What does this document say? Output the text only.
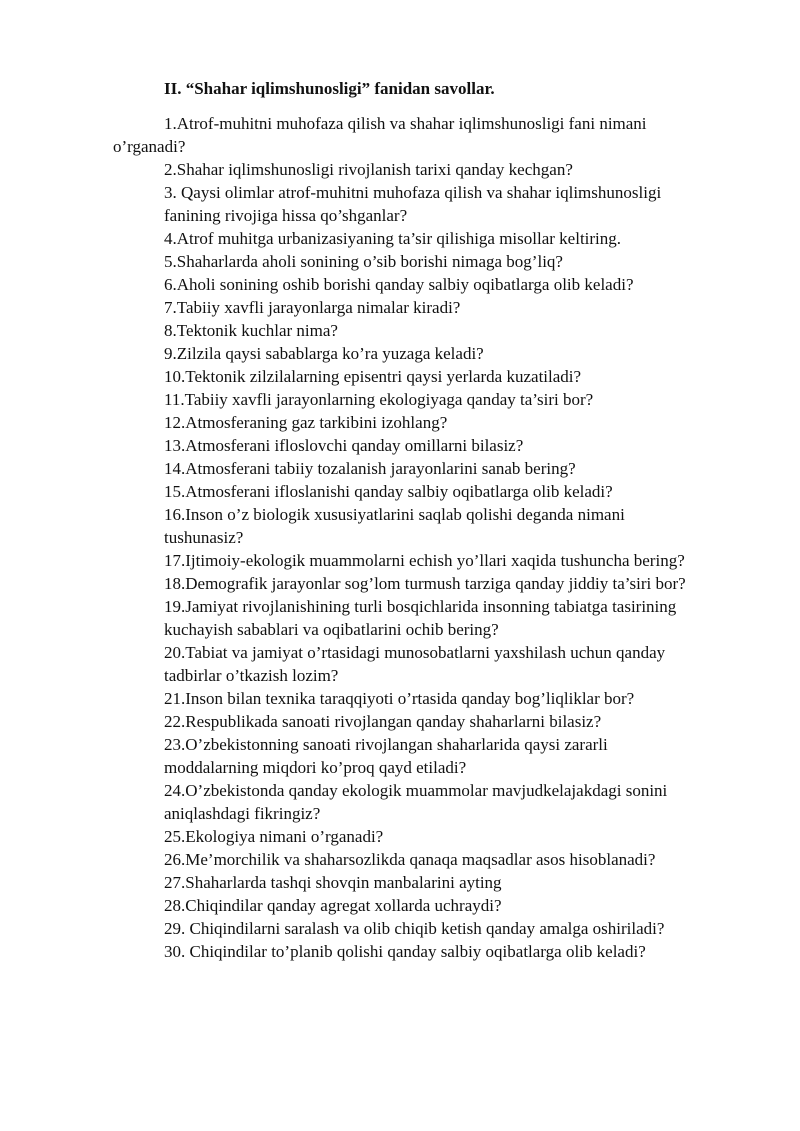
II. “Shahar iqlimshunosligi” fanidan savollar.
1.Atrof-muhitni muhofaza qilish va shahar iqlimshunosligi fani nimani
o’rganadi?
2.Shahar iqlimshunosligi rivojlanish tarixi qanday kechgan?
3. Qaysi olimlar atrof-muhitni muhofaza qilish va shahar iqlimshunosligi
fanining rivojiga hissa qo’shganlar?
4.Atrof muhitga urbanizasiyaning ta’sir qilishiga misollar keltiring.
5.Shaharlarda aholi sonining o’sib borishi nimaga bog’liq?
6.Aholi sonining oshib borishi qanday salbiy oqibatlarga olib keladi?
7.Tabiiy xavfli jarayonlarga nimalar kiradi?
8.Tektonik kuchlar nima?
9.Zilzila qaysi sabablarga ko’ra yuzaga keladi?
10.Tektonik zilzilalarning episentri qaysi yerlarda kuzatiladi?
11.Tabiiy xavfli jarayonlarning ekologiyaga qanday ta’siri bor?
12.Atmosferaning gaz tarkibini izohlang?
13.Atmosferani ifloslovchi qanday omillarni bilasiz?
14.Atmosferani tabiiy tozalanish jarayonlarini sanab bering?
15.Atmosferani ifloslanishi qanday salbiy oqibatlarga olib keladi?
16.Inson o’z biologik xususiyatlarini saqlab qolishi deganda nimani
tushunasiz?
17.Ijtimoiy-ekologik muammolarni echish yo’llari xaqida tushuncha bering?
18.Demografik jarayonlar sog’lom turmush tarziga qanday jiddiy ta’siri bor?
19.Jamiyat rivojlanishining turli bosqichlarida insonning tabiatga tasirining
kuchayish sabablari va oqibatlarini ochib bering?
20.Tabiat va jamiyat o’rtasidagi munosobatlarni yaxshilash uchun qanday
tadbirlar o’tkazish lozim?
21.Inson bilan texnika taraqqiyoti o’rtasida qanday bog’liqliklar bor?
22.Respublikada sanoati rivojlangan qanday shaharlarni bilasiz?
23.O’zbekistonning sanoati rivojlangan shaharlarida qaysi zararli
moddalarning miqdori ko’proq qayd etiladi?
24.O’zbekistonda qanday ekologik muammolar mavjudkelajakdagi sonini
aniqlashdagi fikringiz?
25.Ekologiya nimani o’rganadi?
26.Me’morchilik va shaharsozlikda qanaqa maqsadlar asos hisoblanadi?
27.Shaharlarda tashqi shovqin manbalarini ayting
28.Chiqindilar qanday agregat xollarda uchraydi?
29. Chiqindilarni saralash va olib chiqib ketish qanday amalga oshiriladi?
30. Chiqindilar to’planib qolishi qanday salbiy oqibatlarga olib keladi?
